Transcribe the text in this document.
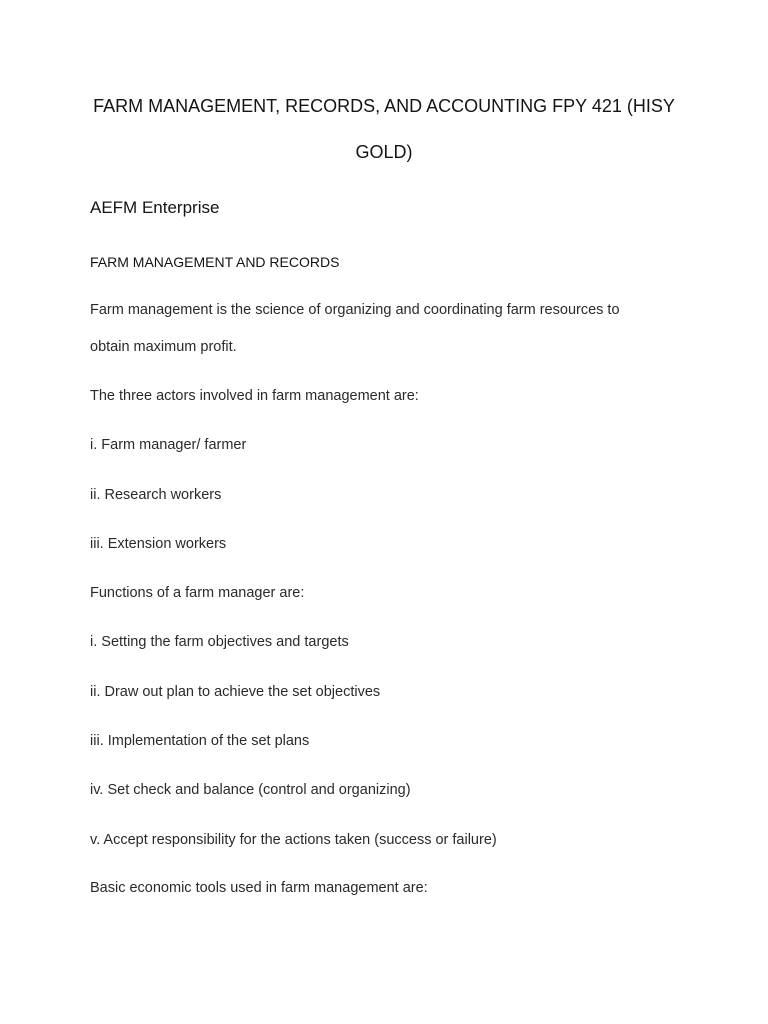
FARM MANAGEMENT, RECORDS, AND ACCOUNTING FPY 421 (HISY
GOLD)
AEFM Enterprise
FARM MANAGEMENT AND RECORDS

Farm management is the science of organizing and coordinating farm resources to

obtain maximum profit.

The three actors involved in farm management are:

i. Farm manager/ farmer

ii. Research workers

iii. Extension workers

Functions of a farm manager are:

i. Setting the farm objectives and targets

ii. Draw out plan to achieve the set objectives

iii. Implementation of the set plans

iv. Set check and balance (control and organizing)

v. Accept responsibility for the actions taken (success or failure)

Basic economic tools used in farm management are:
